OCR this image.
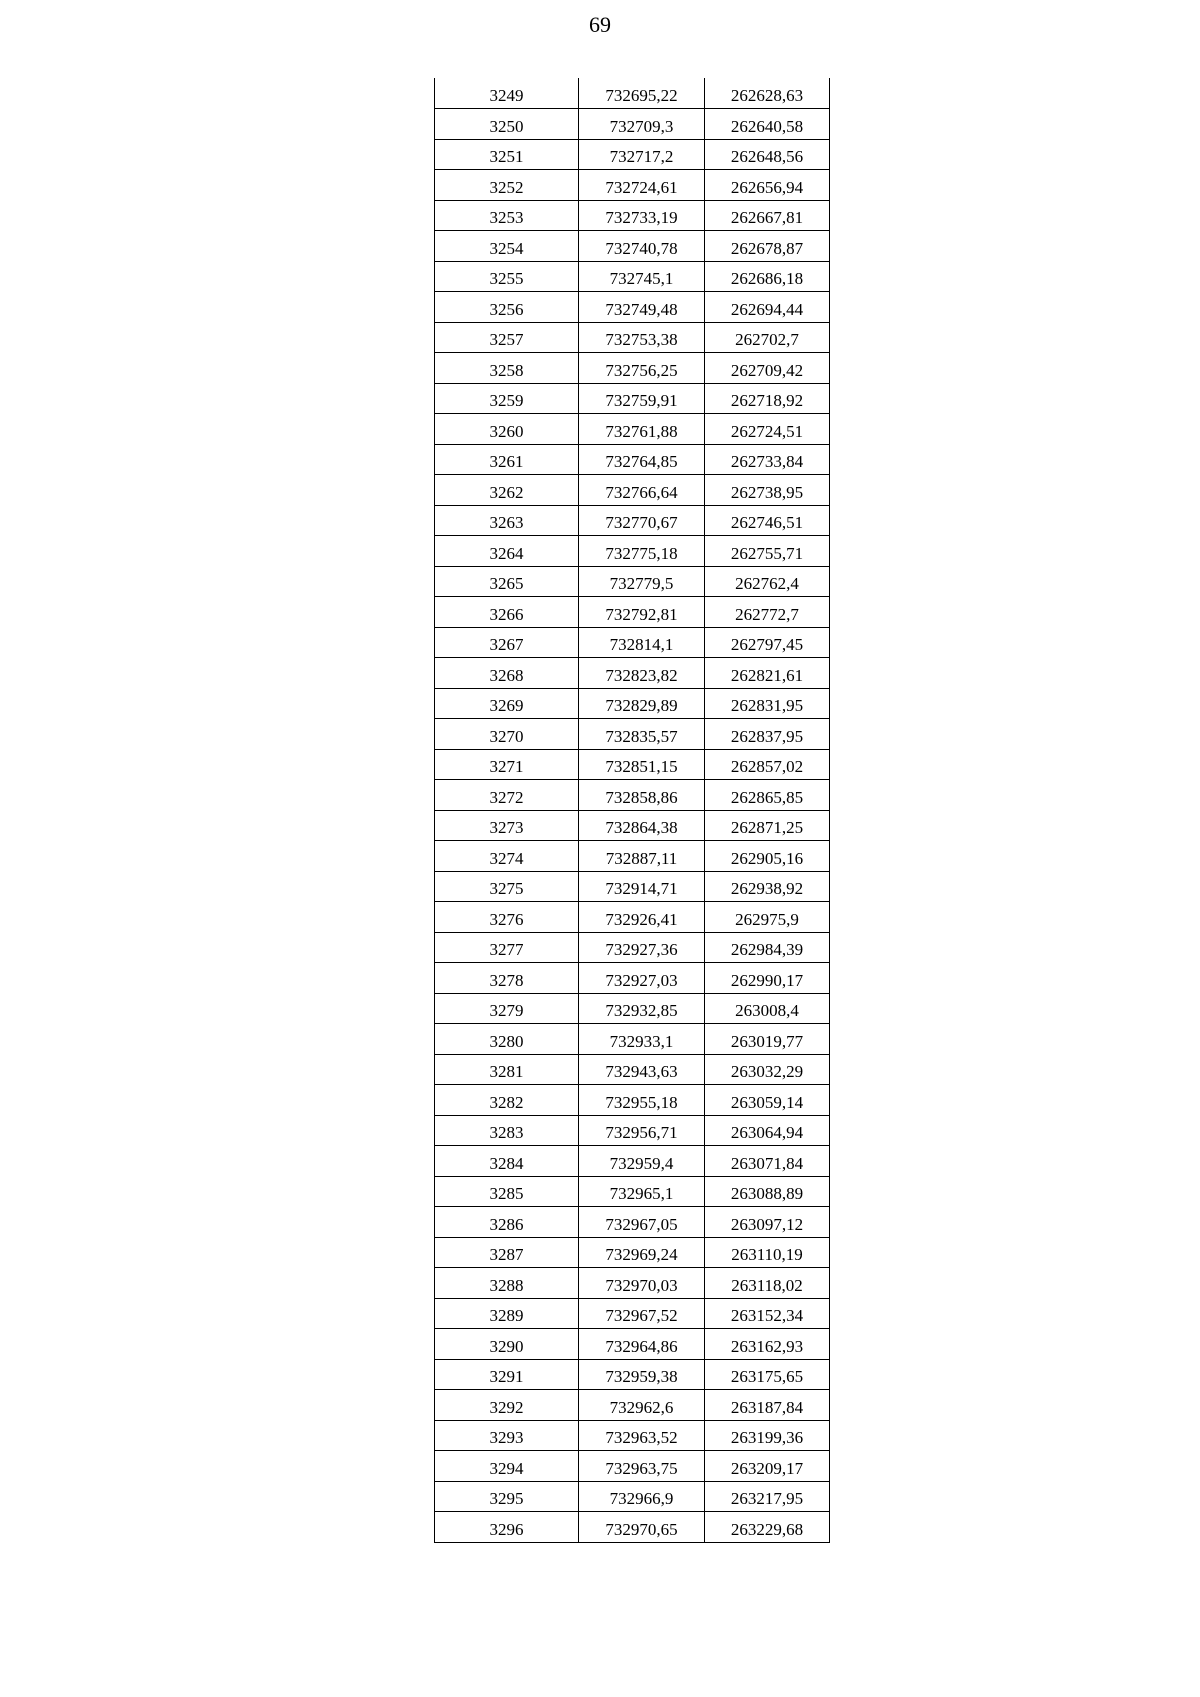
69
3249	732695,22	262628,63
3250	732709,3	262640,58
3251	732717,2	262648,56
3252	732724,61	262656,94
3253	732733,19	262667,81
3254	732740,78	262678,87
3255	732745,1	262686,18
3256	732749,48	262694,44
3257	732753,38	262702,7
3258	732756,25	262709,42
3259	732759,91	262718,92
3260	732761,88	262724,51
3261	732764,85	262733,84
3262	732766,64	262738,95
3263	732770,67	262746,51
3264	732775,18	262755,71
3265	732779,5	262762,4
3266	732792,81	262772,7
3267	732814,1	262797,45
3268	732823,82	262821,61
3269	732829,89	262831,95
3270	732835,57	262837,95
3271	732851,15	262857,02
3272	732858,86	262865,85
3273	732864,38	262871,25
3274	732887,11	262905,16
3275	732914,71	262938,92
3276	732926,41	262975,9
3277	732927,36	262984,39
3278	732927,03	262990,17
3279	732932,85	263008,4
3280	732933,1	263019,77
3281	732943,63	263032,29
3282	732955,18	263059,14
3283	732956,71	263064,94
3284	732959,4	263071,84
3285	732965,1	263088,89
3286	732967,05	263097,12
3287	732969,24	263110,19
3288	732970,03	263118,02
3289	732967,52	263152,34
3290	732964,86	263162,93
3291	732959,38	263175,65
3292	732962,6	263187,84
3293	732963,52	263199,36
3294	732963,75	263209,17
3295	732966,9	263217,95
3296	732970,65	263229,68
